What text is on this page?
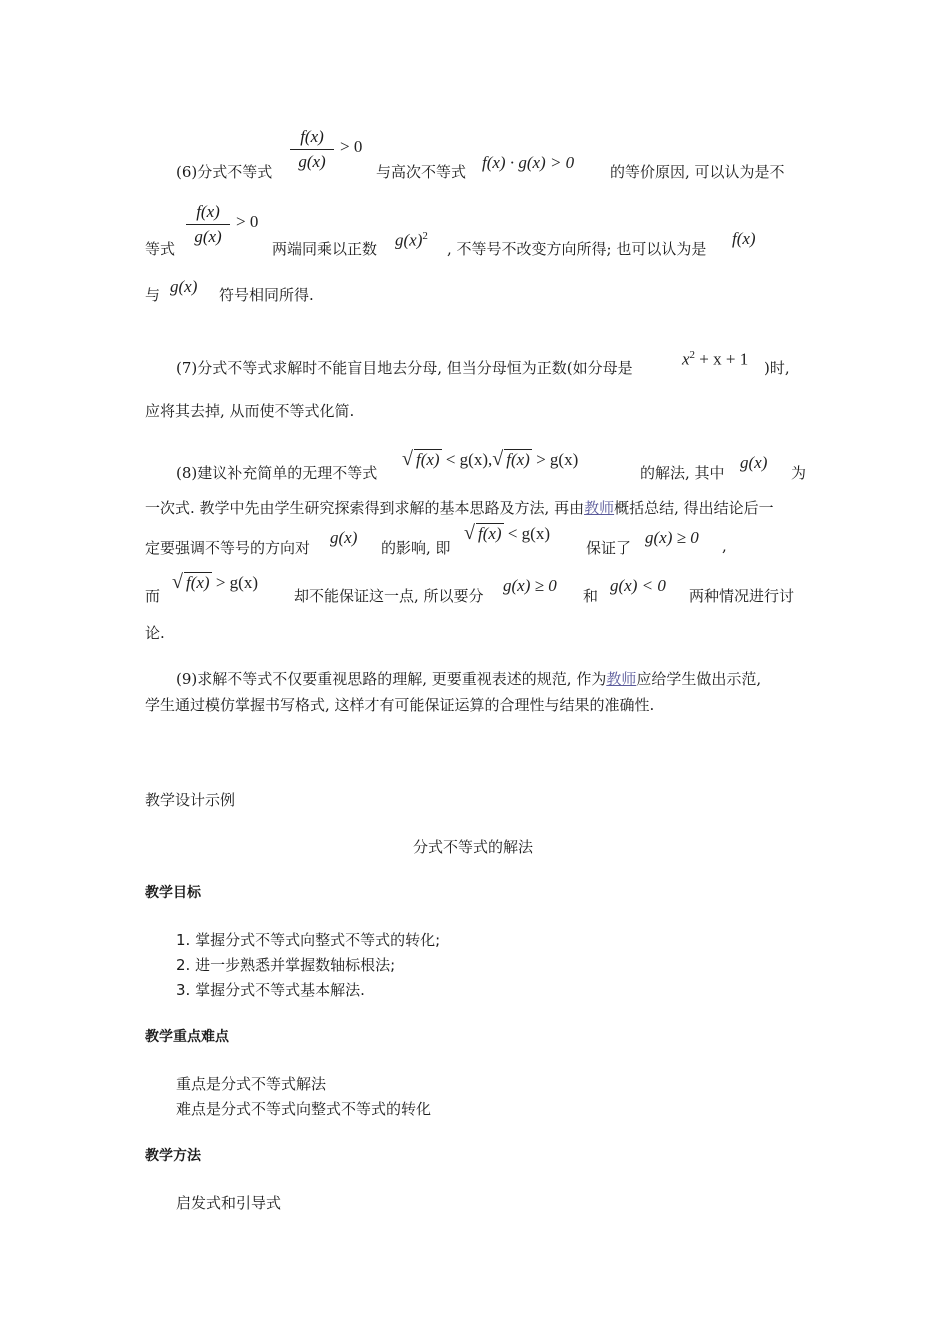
(6)分式不等式
f(x)
g(x)
> 0
与高次不等式 f(x) · g(x) > 0 的等价原因, 可以认为是不
等式
f(x)
g(x)
> 0
两端同乘以正数 $g(x)^2$
, 不等号不改变方向所得; 也可以认为是
f(x)
与 g(x) 符号相同所得.
(7)分式不等式求解时不能盲目地去分母, 但当分母恒为正数(如分母是	$x^2 + x + 1$ )时,
应将其去掉, 从而使不等式化简.
(8)建议补充简单的无理不等式
√ f(x) < g(x),√ f(x) > g(x)
的解法, 其中
g(x)
为
一次式. 教学中先由学生研究探索得到求解的基本思路及方法, 再由教师概括总结, 得出结论后一
定要强调不等号的方向对
g(x)
的影响, 即
√ f(x) < g(x)
保证了
g(x) ≥ 0 ,
而
√ f(x) > g(x)
却不能保证这一点, 所以要分
g(x) ≥ 0
和
g(x) < 0
两种情况进行讨
论.
(9)求解不等式不仅要重视思路的理解, 更要重视表述的规范, 作为教师应给学生做出示范,
学生通过模仿掌握书写格式, 这样才有可能保证运算的合理性与结果的准确性.
教学设计示例
分式不等式的解法
教学目标
1. 掌握分式不等式向整式不等式的转化;
2. 进一步熟悉并掌握数轴标根法;
3. 掌握分式不等式基本解法.
教学重点难点
重点是分式不等式解法
难点是分式不等式向整式不等式的转化
教学方法
启发式和引导式
